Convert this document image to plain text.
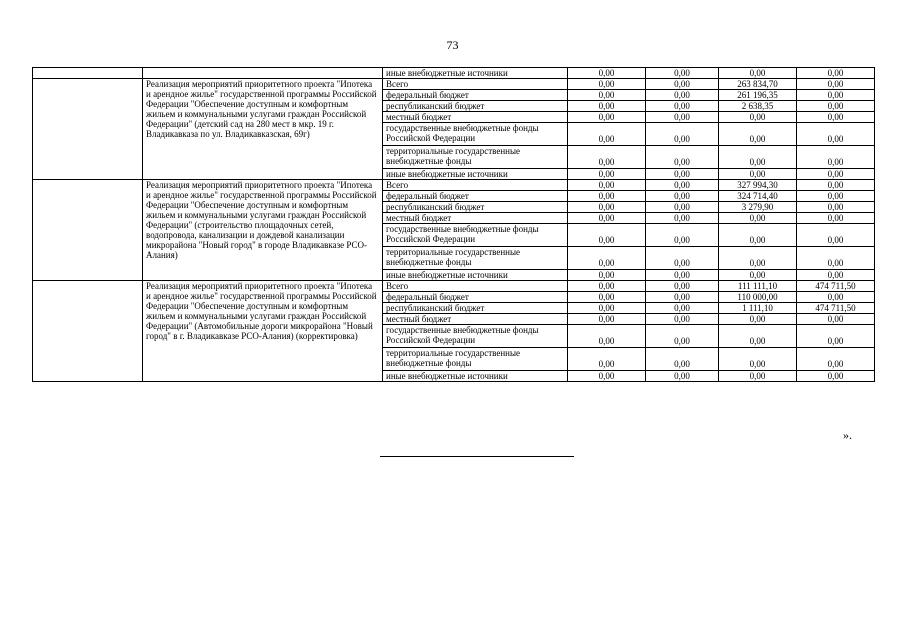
73
		иные внебюджетные источники	0,00	0,00	0,00	0,00
	Реализация мероприятий приоритетного проекта "Ипотека и арендное жилье" государственной программы Российской Федерации "Обеспечение доступным и комфортным жильем и коммунальными услугами граждан Российской Федерации" (детский сад на 280 мест в мкр. 19 г. Владикавказа по ул. Владикавказская, 69г)	Всего	0,00	0,00	263 834,70	0,00
		федеральный бюджет	0,00	0,00	261 196,35	0,00
		республиканский бюджет	0,00	0,00	2 638,35	0,00
		местный бюджет	0,00	0,00	0,00	0,00
		государственные внебюджетные фонды Российской Федерации	0,00	0,00	0,00	0,00
		территориальные государственные внебюджетные фонды	0,00	0,00	0,00	0,00
		иные внебюджетные источники	0,00	0,00	0,00	0,00
	Реализация мероприятий приоритетного проекта "Ипотека и арендное жилье" государственной программы Российской Федерации "Обеспечение доступным и комфортным жильем и коммунальными услугами граждан Российской Федерации" (строительство площадочных сетей, водопровода, канализации и дождевой канализации микрорайона "Новый город" в городе Владикавказе РСО-Алания)	Всего	0,00	0,00	327 994,30	0,00
		федеральный бюджет	0,00	0,00	324 714,40	0,00
		республиканский бюджет	0,00	0,00	3 279,90	0,00
		местный бюджет	0,00	0,00	0,00	0,00
		государственные внебюджетные фонды Российской Федерации	0,00	0,00	0,00	0,00
		территориальные государственные внебюджетные фонды	0,00	0,00	0,00	0,00
		иные внебюджетные источники	0,00	0,00	0,00	0,00
	Реализация мероприятий приоритетного проекта "Ипотека и арендное жилье" государственной программы Российской Федерации "Обеспечение доступным и комфортным жильем и коммунальными услугами граждан Российской Федерации" (Автомобильные дороги микрорайона "Новый город" в г. Владикавказе РСО-Алания) (корректировка)	Всего	0,00	0,00	111 111,10	474 711,50
		федеральный бюджет	0,00	0,00	110 000,00	0,00
		республиканский бюджет	0,00	0,00	1 111,10	474 711,50
		местный бюджет	0,00	0,00	0,00	0,00
		государственные внебюджетные фонды Российской Федерации	0,00	0,00	0,00	0,00
		территориальные государственные внебюджетные фонды	0,00	0,00	0,00	0,00
		иные внебюджетные источники	0,00	0,00	0,00	0,00
».
